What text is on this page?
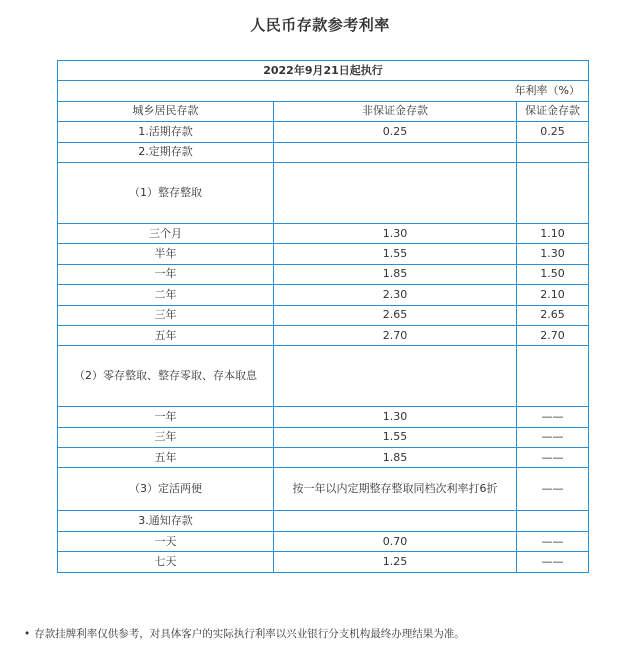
人民币存款参考利率
2022年9月21日起执行		
年利率（%）		
城乡居民存款	非保证金存款	保证金存款
1.活期存款	0.25	0.25
2.定期存款		
（1）整存整取		
三个月	1.30	1.10
半年	1.55	1.30
一年	1.85	1.50
二年	2.30	2.10
三年	2.65	2.65
五年	2.70	2.70
（2）零存整取、整存零取、存本取息		
一年	1.30	——
三年	1.55	——
五年	1.85	——
（3）定活两便	按一年以内定期整存整取同档次利率打6折	——
3.通知存款		
一天	0.70	——
七天	1.25	——
• 存款挂牌利率仅供参考，对具体客户的实际执行利率以兴业银行分支机构最终办理结果为准。
